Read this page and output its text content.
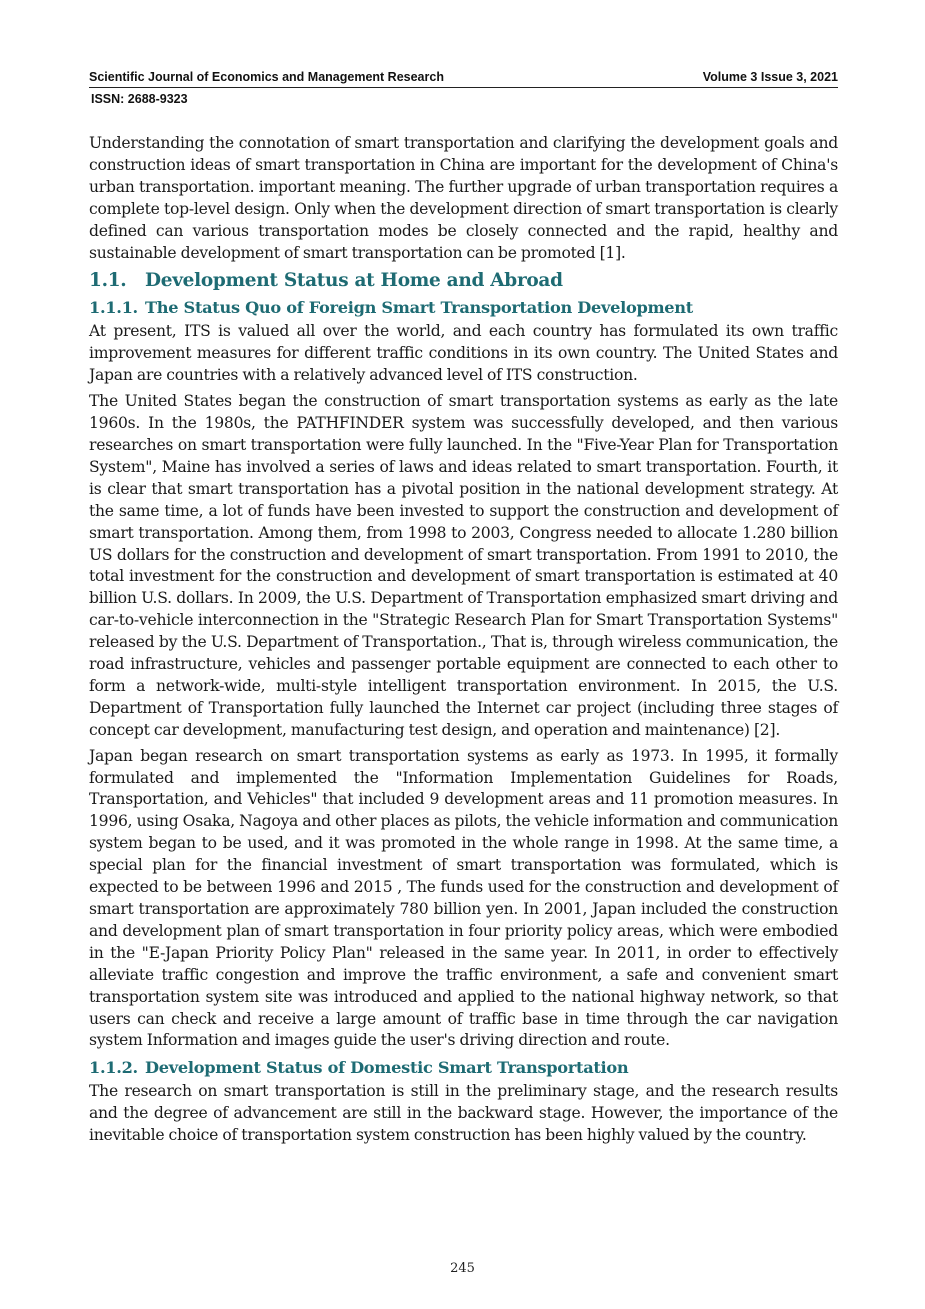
Scientific Journal of Economics and Management Research	Volume 3 Issue 3, 2021
ISSN: 2688-9323

Understanding the connotation of smart transportation and clarifying the development goals and construction ideas of smart transportation in China are important for the development of China's urban transportation. important meaning. The further upgrade of urban transportation requires a complete top-level design. Only when the development direction of smart transportation is clearly defined can various transportation modes be closely connected and the rapid, healthy and sustainable development of smart transportation can be promoted [1].

1.1. Development Status at Home and Abroad
1.1.1. The Status Quo of Foreign Smart Transportation Development

At present, ITS is valued all over the world, and each country has formulated its own traffic improvement measures for different traffic conditions in its own country. The United States and Japan are countries with a relatively advanced level of ITS construction.

The United States began the construction of smart transportation systems as early as the late 1960s. In the 1980s, the PATHFINDER system was successfully developed, and then various researches on smart transportation were fully launched. In the "Five-Year Plan for Transportation System", Maine has involved a series of laws and ideas related to smart transportation. Fourth, it is clear that smart transportation has a pivotal position in the national development strategy. At the same time, a lot of funds have been invested to support the construction and development of smart transportation. Among them, from 1998 to 2003, Congress needed to allocate 1.280 billion US dollars for the construction and development of smart transportation. From 1991 to 2010, the total investment for the construction and development of smart transportation is estimated at 40 billion U.S. dollars. In 2009, the U.S. Department of Transportation emphasized smart driving and car-to-vehicle interconnection in the "Strategic Research Plan for Smart Transportation Systems" released by the U.S. Department of Transportation., That is, through wireless communication, the road infrastructure, vehicles and passenger portable equipment are connected to each other to form a network-wide, multi-style intelligent transportation environment. In 2015, the U.S. Department of Transportation fully launched the Internet car project (including three stages of concept car development, manufacturing test design, and operation and maintenance) [2].

Japan began research on smart transportation systems as early as 1973. In 1995, it formally formulated and implemented the "Information Implementation Guidelines for Roads, Transportation, and Vehicles" that included 9 development areas and 11 promotion measures. In 1996, using Osaka, Nagoya and other places as pilots, the vehicle information and communication system began to be used, and it was promoted in the whole range in 1998. At the same time, a special plan for the financial investment of smart transportation was formulated, which is expected to be between 1996 and 2015 , The funds used for the construction and development of smart transportation are approximately 780 billion yen. In 2001, Japan included the construction and development plan of smart transportation in four priority policy areas, which were embodied in the "E-Japan Priority Policy Plan" released in the same year. In 2011, in order to effectively alleviate traffic congestion and improve the traffic environment, a safe and convenient smart transportation system site was introduced and applied to the national highway network, so that users can check and receive a large amount of traffic base in time through the car navigation system Information and images guide the user's driving direction and route.

1.1.2. Development Status of Domestic Smart Transportation

The research on smart transportation is still in the preliminary stage, and the research results and the degree of advancement are still in the backward stage. However, the importance of the inevitable choice of transportation system construction has been highly valued by the country.

245
